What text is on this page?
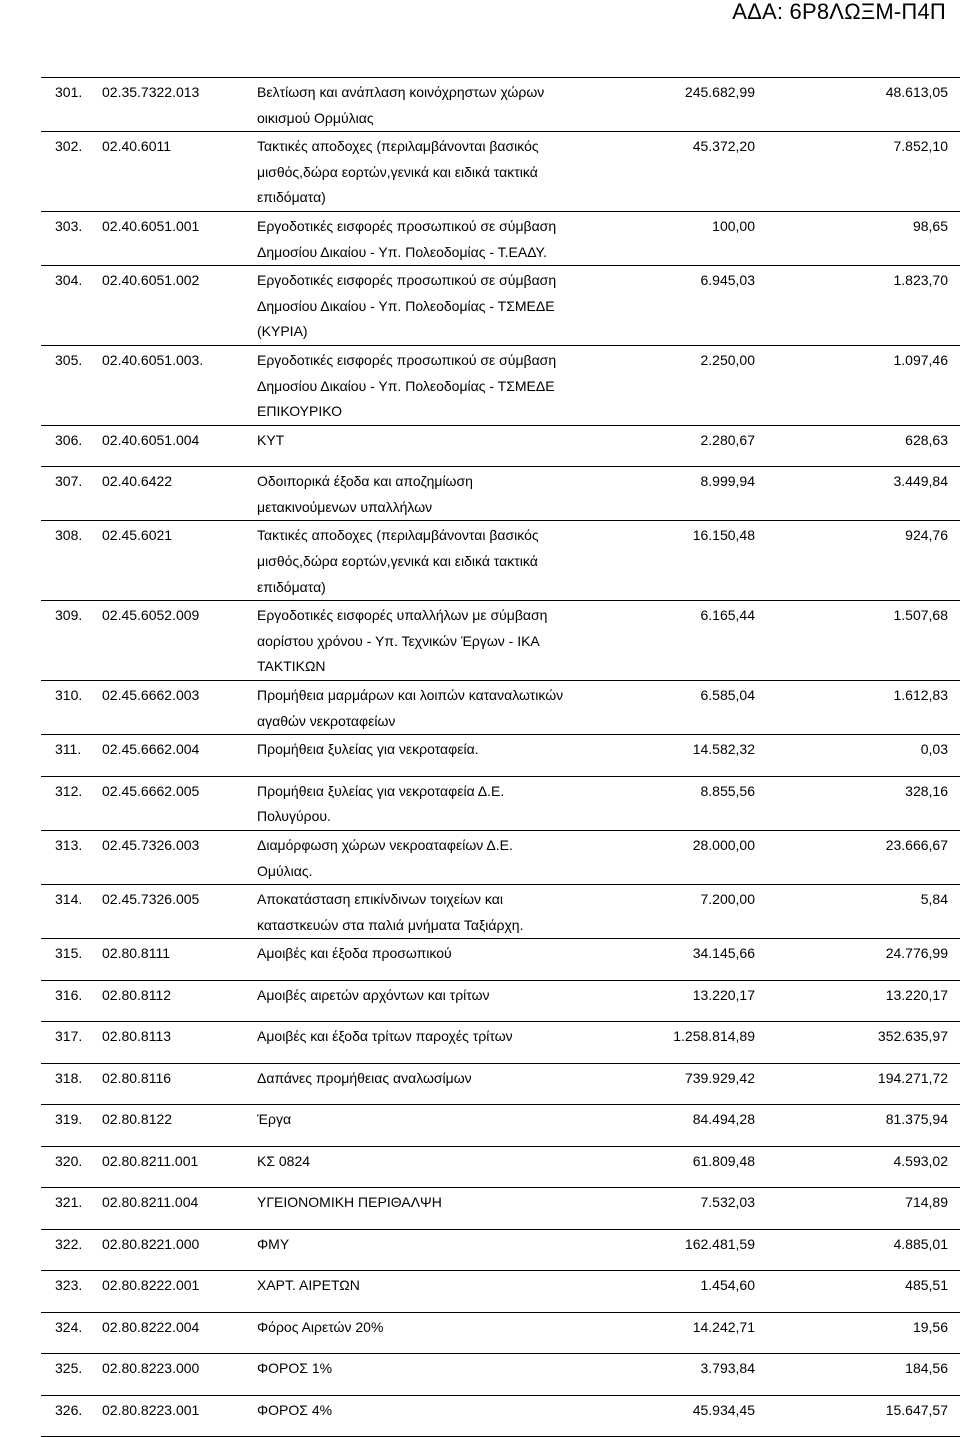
ΑΔΑ: 6Ρ8ΛΩΞΜ-Π4Π
301. 02.35.7322.013	Βελτίωση και ανάπλαση κοινόχρηστων χώρων
οικισμού Ορμύλιας
245.682,99	48.613,05
302. 02.40.6011	Τακτικές αποδοχες (περιλαμβάνονται βασικός
μισθός,δώρα εορτών,γενικά και ειδικά τακτικά
επιδόματα)
45.372,20	7.852,10
303. 02.40.6051.001	Εργοδοτικές εισφορές προσωπικού σε σύμβαση
Δημοσίου Δικαίου - Υπ. Πολεοδομίας - Τ.ΕΑΔΥ.
100,00	98,65
304. 02.40.6051.002	Εργοδοτικές εισφορές προσωπικού σε σύμβαση
Δημοσίου Δικαίου - Υπ. Πολεοδομίας - ΤΣΜΕΔΕ
(ΚΥΡΙΑ)
6.945,03	1.823,70
305. 02.40.6051.003.	Εργοδοτικές εισφορές προσωπικού σε σύμβαση
Δημοσίου Δικαίου - Υπ. Πολεοδομίας - ΤΣΜΕΔΕ
ΕΠΙΚΟΥΡΙΚΟ
2.250,00	1.097,46
306. 02.40.6051.004	ΚΥΤ	2.280,67	628,63
307. 02.40.6422	Οδοιπορικά έξοδα και αποζημίωση
μετακινούμενων υπαλλήλων
8.999,94	3.449,84
308. 02.45.6021	Τακτικές αποδοχες (περιλαμβάνονται βασικός
μισθός,δώρα εορτών,γενικά και ειδικά τακτικά
επιδόματα)
16.150,48	924,76
309. 02.45.6052.009	Εργοδοτικές εισφορές υπαλλήλων με σύμβαση
αορίστου χρόνου - Υπ. Τεχνικών Έργων - ΙΚΑ
ΤΑΚΤΙΚΩΝ
6.165,44	1.507,68
310. 02.45.6662.003	Προμήθεια μαρμάρων και λοιπών καταναλωτικών
αγαθών νεκροταφείων
6.585,04	1.612,83
311. 02.45.6662.004	Προμήθεια ξυλείας για νεκροταφεία.	14.582,32	0,03
312. 02.45.6662.005	Προμήθεια ξυλείας για νεκροταφεία Δ.Ε.
Πολυγύρου.
8.855,56	328,16
313. 02.45.7326.003	Διαμόρφωση χώρων νεκροαταφείων Δ.Ε.
Ομύλιας.
28.000,00	23.666,67
314. 02.45.7326.005	Αποκατάσταση επικίνδινων τοιχείων και
καταστκευών στα παλιά μνήματα Ταξιάρχη.
7.200,00	5,84
315. 02.80.8111	Αμοιβές και έξοδα προσωπικού	34.145,66	24.776,99
316. 02.80.8112	Αμοιβές αιρετών αρχόντων και τρίτων	13.220,17	13.220,17
317. 02.80.8113	Αμοιβές και έξοδα τρίτων παροχές τρίτων	1.258.814,89	352.635,97
318. 02.80.8116	Δαπάνες προμήθειας αναλωσίμων	739.929,42	194.271,72
319. 02.80.8122	Έργα	84.494,28	81.375,94
320. 02.80.8211.001	ΚΣ 0824	61.809,48	4.593,02
321. 02.80.8211.004	ΥΓΕΙΟΝΟΜΙΚΗ ΠΕΡΙΘΑΛΨΗ	7.532,03	714,89
322. 02.80.8221.000	ΦΜΥ	162.481,59	4.885,01
323. 02.80.8222.001	ΧΑΡΤ. ΑΙΡΕΤΩΝ	1.454,60	485,51
324. 02.80.8222.004	Φόρος Αιρετών 20%	14.242,71	19,56
325. 02.80.8223.000	ΦΟΡΟΣ 1%	3.793,84	184,56
326. 02.80.8223.001	ΦΟΡΟΣ 4%	45.934,45	15.647,57
